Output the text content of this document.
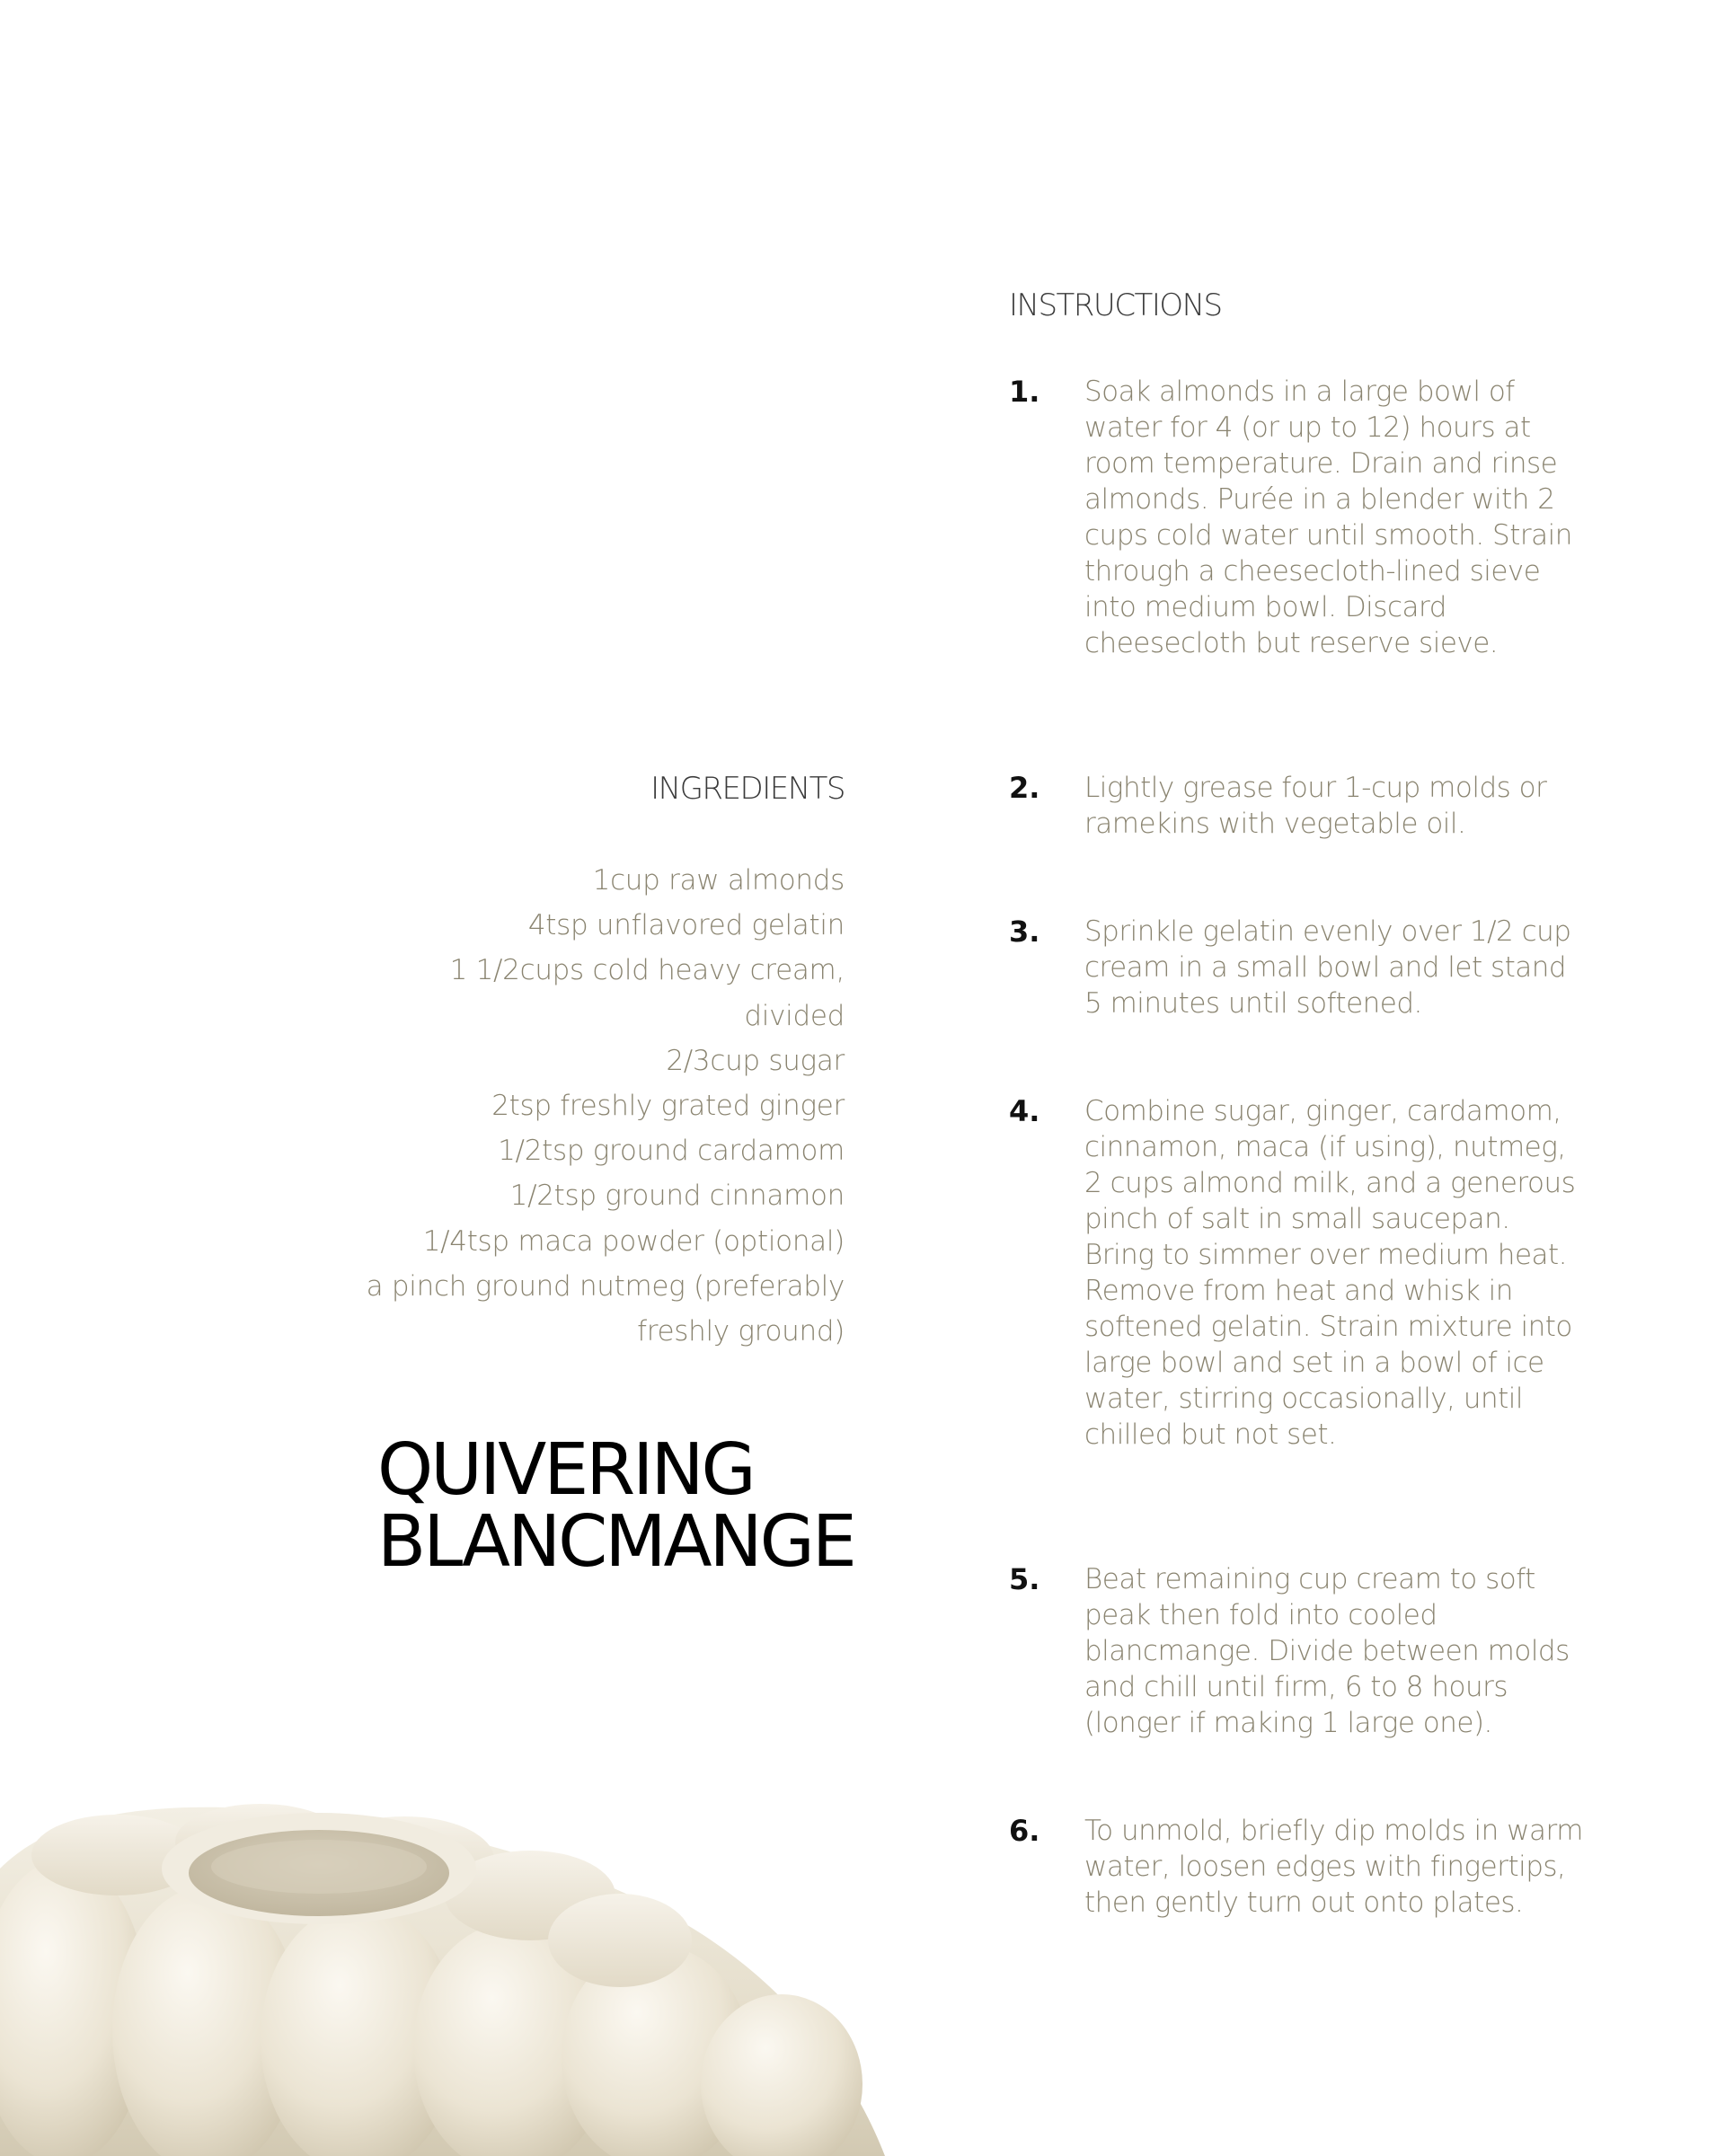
INGREDIENTS
1cup raw almonds
4tsp unflavored gelatin
1 1/2cups cold heavy cream, divided
2/3cup sugar
2tsp freshly grated ginger
1/2tsp ground cardamom
1/2tsp ground cinnamon
1/4tsp maca powder (optional)
a pinch ground nutmeg (preferably
freshly ground)
QUIVERING
BLANCMANGE
INSTRUCTIONS
1. Soak almonds in a large bowl of water for 4 (or up to 12) hours at room temperature. Drain and rinse almonds. Purée in a blender with 2 cups cold water until smooth. Strain through a cheesecloth-lined sieve into medium bowl. Discard cheesecloth but reserve sieve.

2. Lightly grease four 1-cup molds or ramekins with vegetable oil.

3. Sprinkle gelatin evenly over 1/2 cup cream in a small bowl and let stand 5 minutes until softened.

4. Combine sugar, ginger, cardamom, cinnamon, maca (if using), nutmeg, 2 cups almond milk, and a generous pinch of salt in small saucepan. Bring to simmer over medium heat. Remove from heat and whisk in softened gelatin. Strain mixture into large bowl and set in a bowl of ice water, stirring occasionally, until chilled but not set.

5. Beat remaining cup cream to soft peak then fold into cooled blancmange. Divide between molds and chill until firm, 6 to 8 hours (longer if making 1 large one).

6. To unmold, briefly dip molds in warm water, loosen edges with fingertips, then gently turn out onto plates.
